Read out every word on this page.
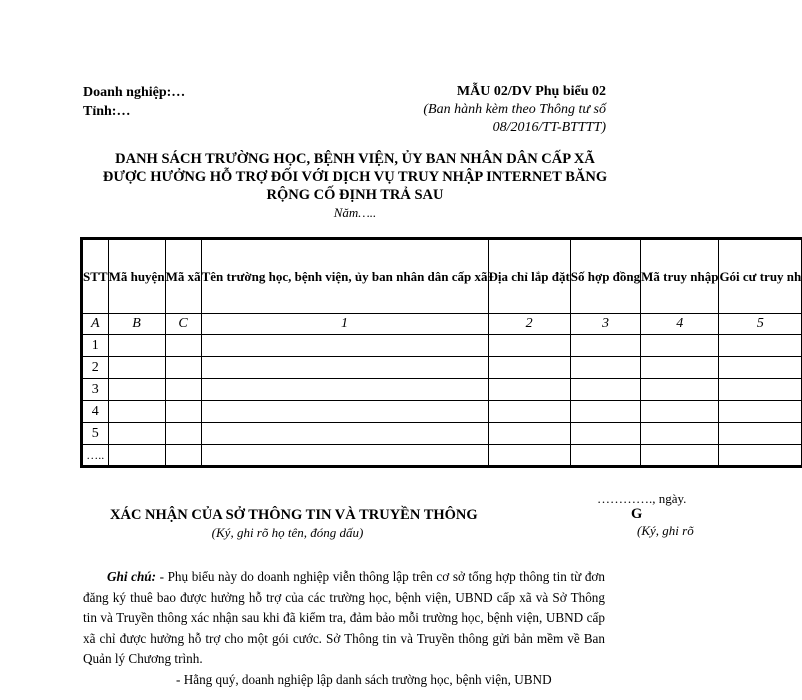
Doanh nghiệp:…
Tỉnh:…
MẪU 02/DV Phụ biểu 02
(Ban hành kèm theo Thông tư số
08/2016/TT-BTTTT)
DANH SÁCH TRƯỜNG HỌC, BỆNH VIỆN, ỦY BAN NHÂN DÂN CẤP XÃ
ĐƯỢC HƯỞNG HỖ TRỢ ĐỐI VỚI DỊCH VỤ TRUY NHẬP INTERNET BĂNG
RỘNG CỐ ĐỊNH TRẢ SAU
Năm…..
STT	Mã huyện	Mã xã	Tên trường học, bệnh viện, ủy ban nhân dân cấp xã	Địa chỉ lắp đặt	Số hợp đồng	Mã truy nhập	Gói cư truy nh
A	B	C	1	2	3	4	5
1							
2							
3							
4							
5							
…..							
XÁC NHẬN CỦA SỞ THÔNG TIN VÀ TRUYỀN THÔNG
(Ký, ghi rõ họ tên, đóng dấu)
…………., ngày.
G
(Ký, ghi rõ

Ghi chú: - Phụ biểu này do doanh nghiệp viễn thông lập trên cơ sở tổng hợp thông tin từ đơn đăng ký thuê bao được hưởng hỗ trợ của các trường học, bệnh viện, UBND cấp xã và Sở Thông tin và Truyền thông xác nhận sau khi đã kiểm tra, đảm bảo mỗi trường học, bệnh viện, UBND cấp xã chỉ được hưởng hỗ trợ cho một gói cước. Sở Thông tin và Truyền thông gửi bản mềm về Ban Quản lý Chương trình.

- Hằng quý, doanh nghiệp lập danh sách trường học, bệnh viện, UBND
